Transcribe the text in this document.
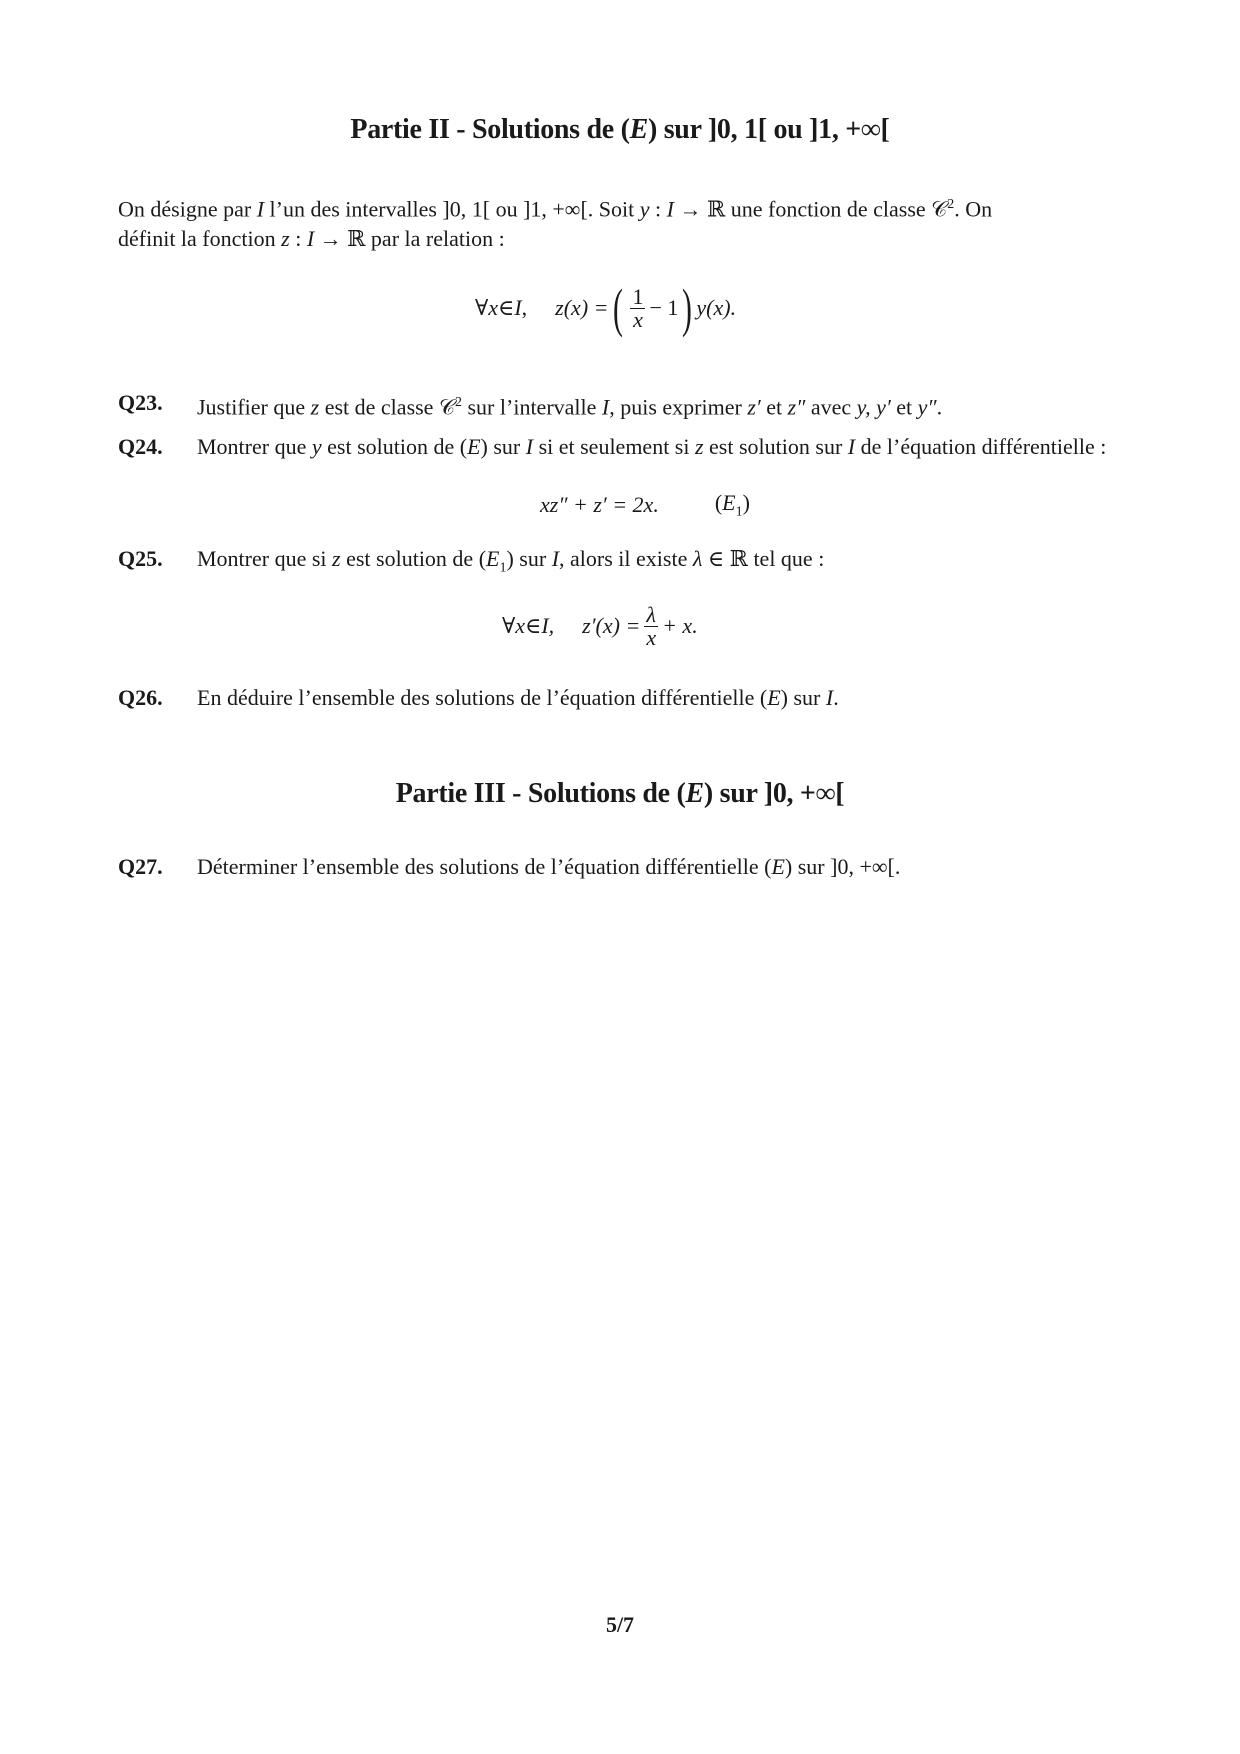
Partie II - Solutions de (E) sur ]0, 1[ ou ]1, +∞[
On désigne par I l’un des intervalles ]0, 1[ ou ]1, +∞[. Soit y : I → ℝ une fonction de classe 𝒞$^2$. On
définit la fonction z : I → ℝ par la relation :
∀ x ∈ I , z(x) = ( $\frac{1}{x} - 1$ ) y(x).
Q23.	Justifier que z est de classe 𝒞$^2$ sur l’intervalle I, puis exprimer z′ et z″ avec y, y′ et y″.
Q24.	Montrer que y est solution de (E) sur I si et seulement si z est solution sur I de l’équation différentielle :
xz″ + z′ = 2x.	$(E_1)$
Q25.	Montrer que si z est solution de $(E_1)$ sur I, alors il existe λ ∈ ℝ tel que :
∀ x ∈ I, $z'(x) = \frac{\lambda}{x} + x$.
Q26.	En déduire l’ensemble des solutions de l’équation différentielle (E) sur I.
Partie III - Solutions de (E) sur ]0, +∞[
Q27.	Déterminer l’ensemble des solutions de l’équation différentielle (E) sur ]0, +∞[.
5/7
